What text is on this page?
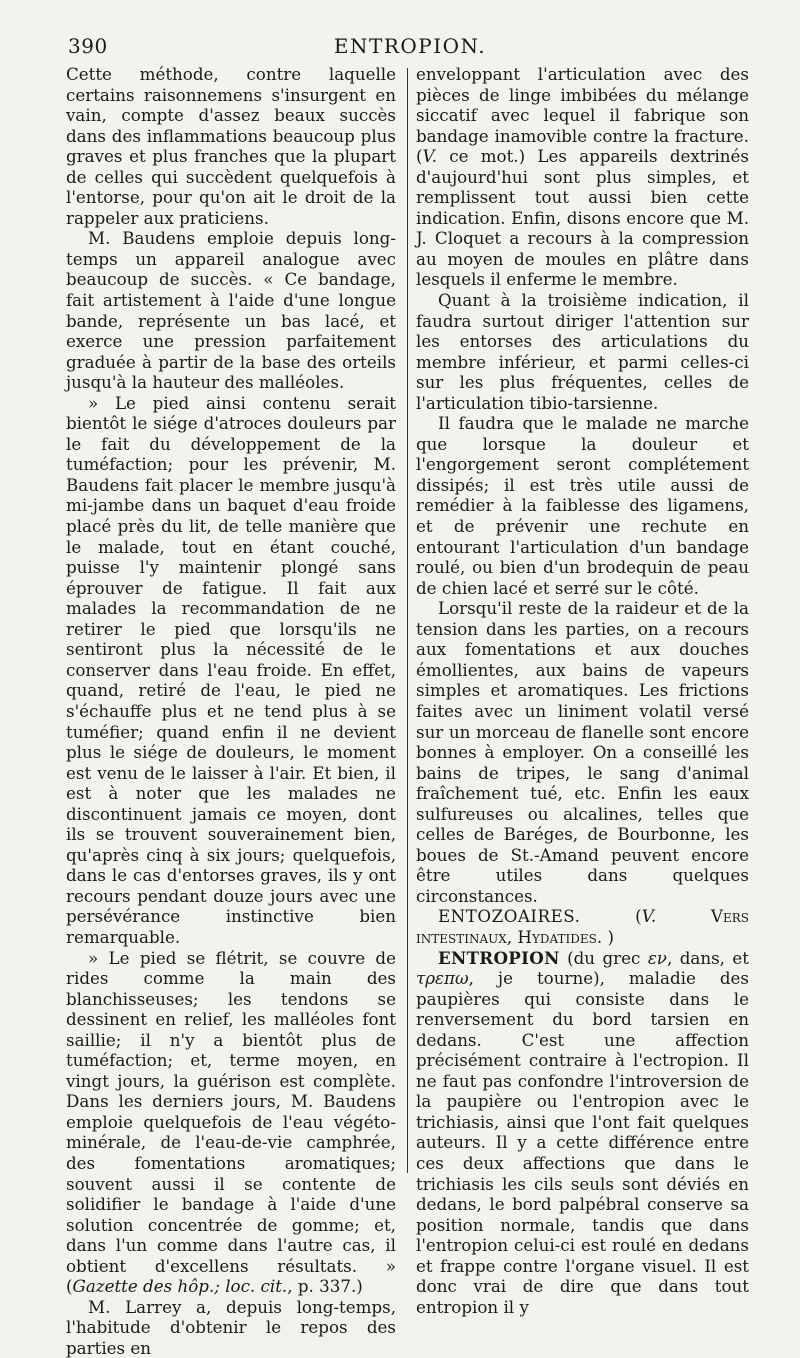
390	ENTROPION.

Cette méthode, contre laquelle certains raisonnemens s'insurgent en vain, compte d'assez beaux succès dans des inflammations beaucoup plus graves et plus franches que la plupart de celles qui succèdent quelquefois à l'entorse, pour qu'on ait le droit de la rappeler aux praticiens.

M. Baudens emploie depuis long-temps un appareil analogue avec beaucoup de succès. « Ce bandage, fait artistement à l'aide d'une longue bande, représente un bas lacé, et exerce une pression parfaitement graduée à partir de la base des orteils jusqu'à la hauteur des malléoles.

» Le pied ainsi contenu serait bientôt le siége d'atroces douleurs par le fait du développement de la tuméfaction; pour les prévenir, M. Baudens fait placer le membre jusqu'à mi-jambe dans un baquet d'eau froide placé près du lit, de telle manière que le malade, tout en étant couché, puisse l'y maintenir plongé sans éprouver de fatigue. Il fait aux malades la recommandation de ne retirer le pied que lorsqu'ils ne sentiront plus la nécessité de le conserver dans l'eau froide. En effet, quand, retiré de l'eau, le pied ne s'échauffe plus et ne tend plus à se tuméfier; quand enfin il ne devient plus le siége de douleurs, le moment est venu de le laisser à l'air. Et bien, il est à noter que les malades ne discontinuent jamais ce moyen, dont ils se trouvent souverainement bien, qu'après cinq à six jours; quelquefois, dans le cas d'entorses graves, ils y ont recours pendant douze jours avec une persévérance instinctive bien remarquable.

» Le pied se flétrit, se couvre de rides comme la main des blanchisseuses; les tendons se dessinent en relief, les malléoles font saillie; il n'y a bientôt plus de tuméfaction; et, terme moyen, en vingt jours, la guérison est complète. Dans les derniers jours, M. Baudens emploie quelquefois de l'eau végéto-minérale, de l'eau-de-vie camphrée, des fomentations aromatiques; souvent aussi il se contente de solidifier le bandage à l'aide d'une solution concentrée de gomme; et, dans l'un comme dans l'autre cas, il obtient d'excellens résultats. » (Gazette des hôp.; loc. cit., p. 337.)

M. Larrey a, depuis long-temps, l'habitude d'obtenir le repos des parties en

enveloppant l'articulation avec des pièces de linge imbibées du mélange siccatif avec lequel il fabrique son bandage inamovible contre la fracture. (V. ce mot.) Les appareils dextrinés d'aujourd'hui sont plus simples, et remplissent tout aussi bien cette indication. Enfin, disons encore que M. J. Cloquet a recours à la compression au moyen de moules en plâtre dans lesquels il enferme le membre.

Quant à la troisième indication, il faudra surtout diriger l'attention sur les entorses des articulations du membre inférieur, et parmi celles-ci sur les plus fréquentes, celles de l'articulation tibio-tarsienne.

Il faudra que le malade ne marche que lorsque la douleur et l'engorgement seront complétement dissipés; il est très utile aussi de remédier à la faiblesse des ligamens, et de prévenir une rechute en entourant l'articulation d'un bandage roulé, ou bien d'un brodequin de peau de chien lacé et serré sur le côté.

Lorsqu'il reste de la raideur et de la tension dans les parties, on a recours aux fomentations et aux douches émollientes, aux bains de vapeurs simples et aromatiques. Les frictions faites avec un liniment volatil versé sur un morceau de flanelle sont encore bonnes à employer. On a conseillé les bains de tripes, le sang d'animal fraîchement tué, etc. Enfin les eaux sulfureuses ou alcalines, telles que celles de Baréges, de Bourbonne, les boues de St.-Amand peuvent encore être utiles dans quelques circonstances.

ENTOZOAIRES. (V. Vers intestinaux, Hydatides. )

ENTROPION (du grec εν, dans, et τρεπω, je tourne), maladie des paupières qui consiste dans le renversement du bord tarsien en dedans. C'est une affection précisément contraire à l'ectropion. Il ne faut pas confondre l'introversion de la paupière ou l'entropion avec le trichiasis, ainsi que l'ont fait quelques auteurs. Il y a cette différence entre ces deux affections que dans le trichiasis les cils seuls sont déviés en dedans, le bord palpébral conserve sa position normale, tandis que dans l'entropion celui-ci est roulé en dedans et frappe contre l'organe visuel. Il est donc vrai de dire que dans tout entropion il y
